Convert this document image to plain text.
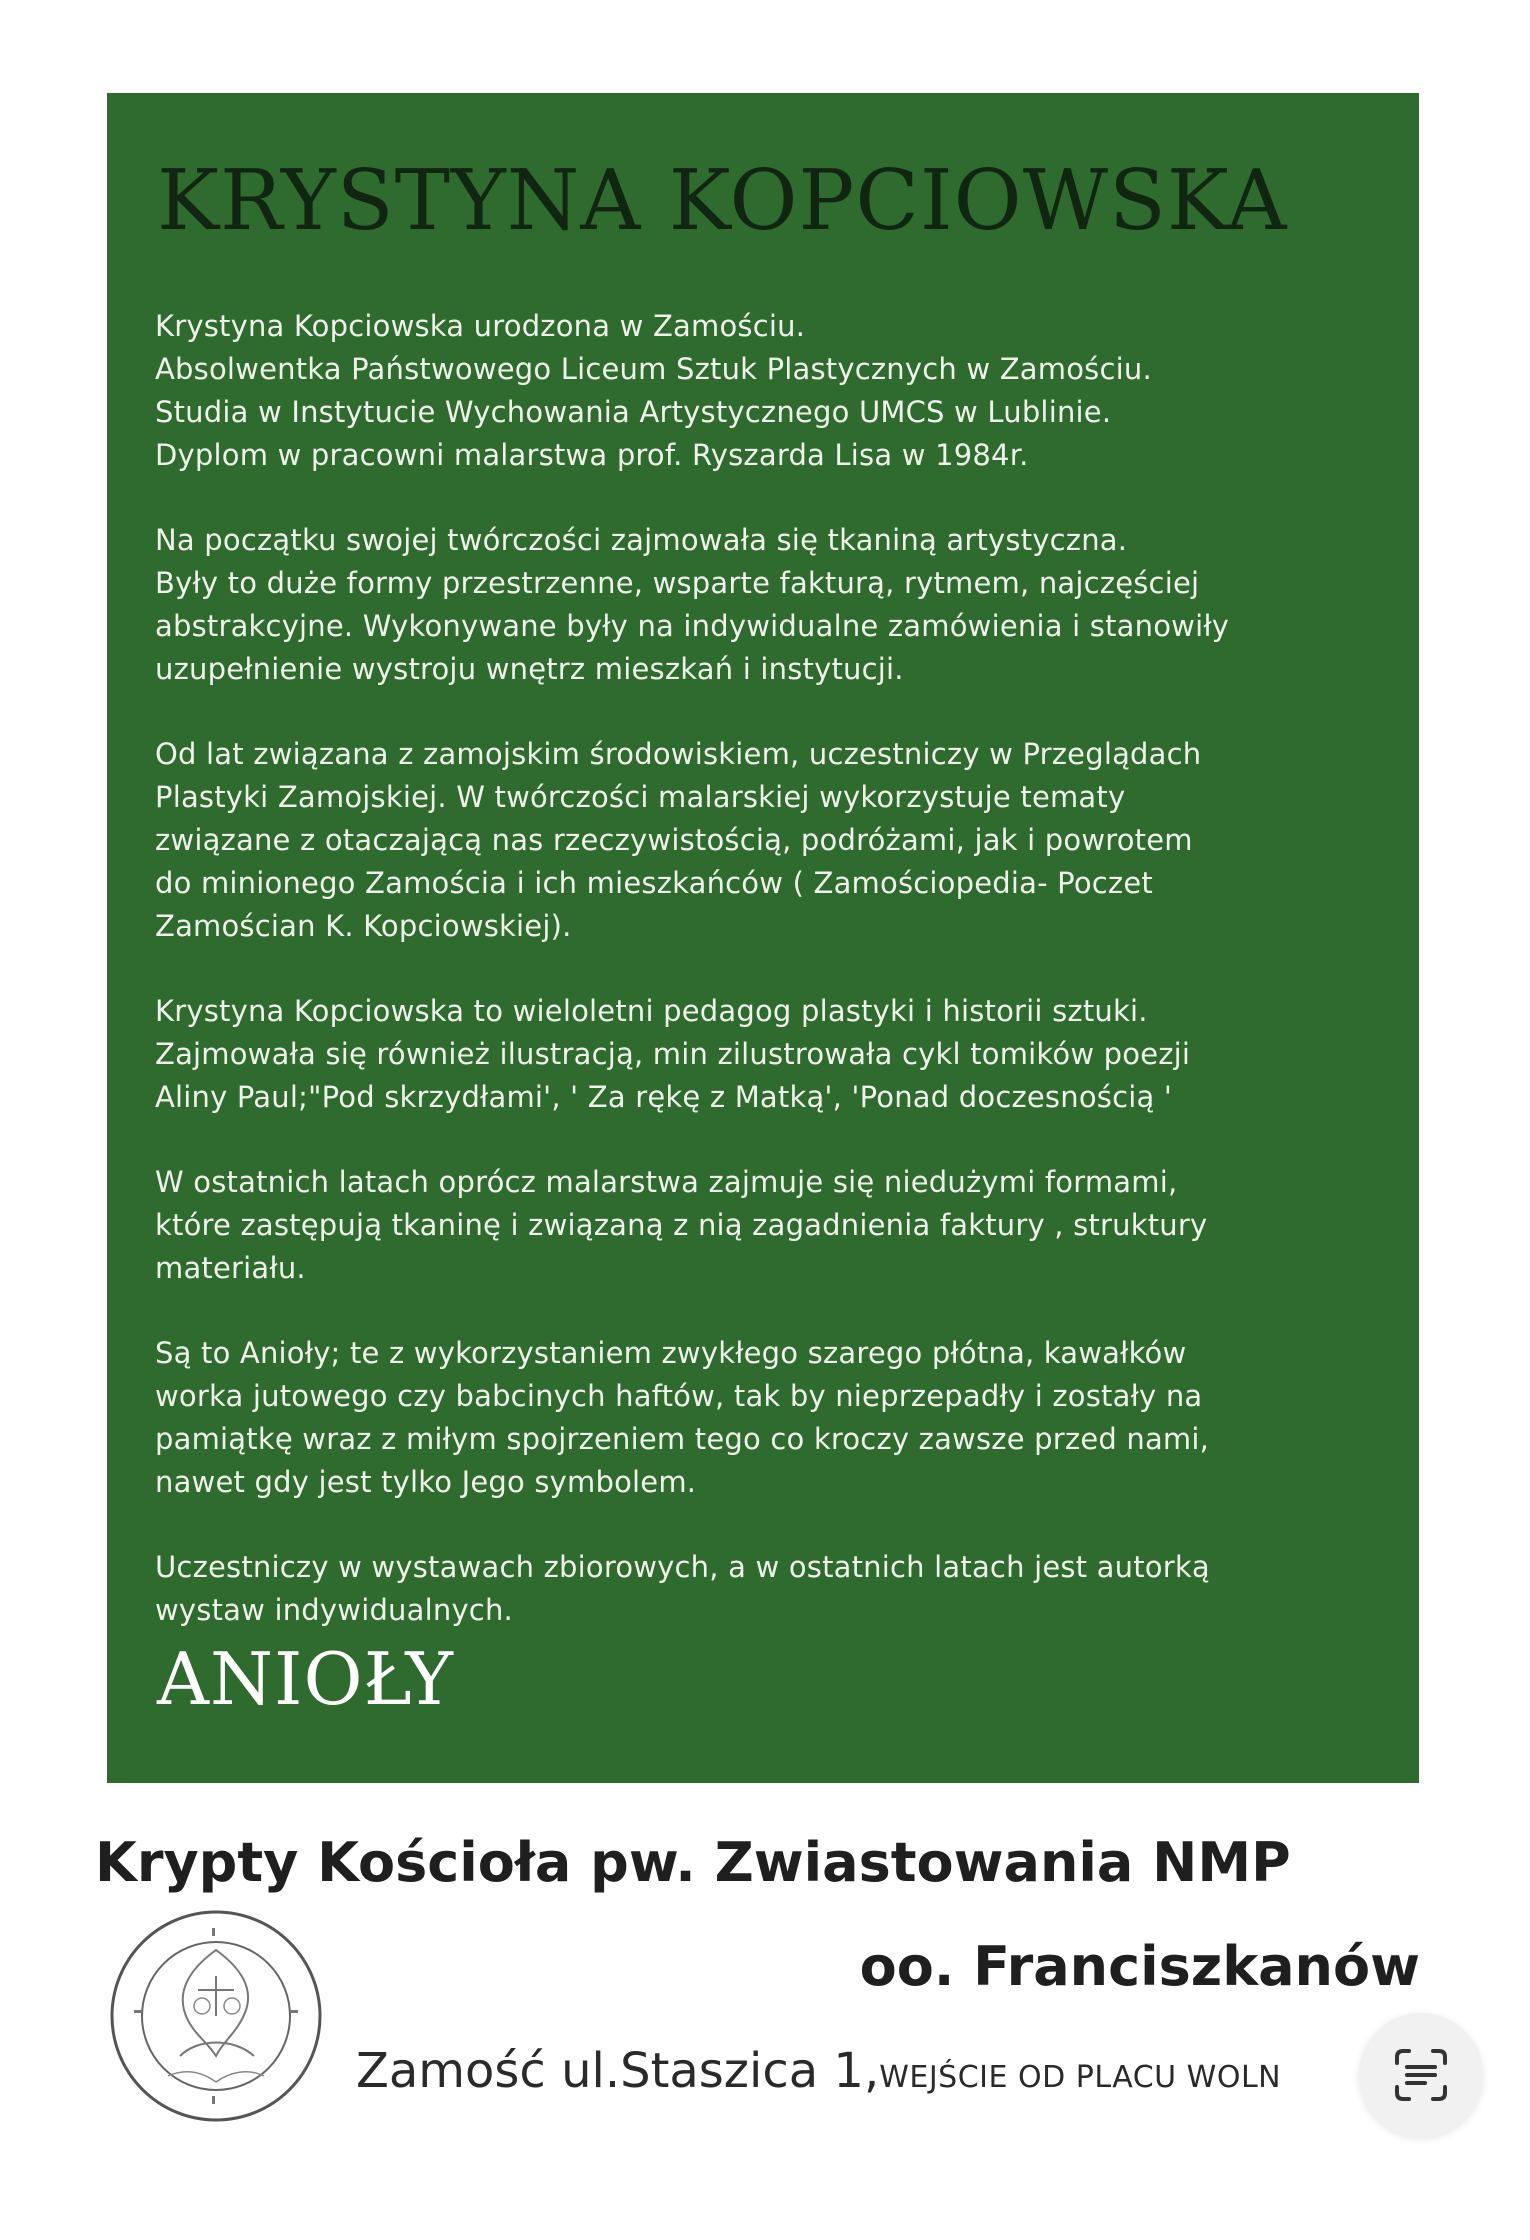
KRYSTYNA KOPCIOWSKA

Krystyna Kopciowska urodzona w Zamościu.
Absolwentka Państwowego Liceum Sztuk Plastycznych w Zamościu.
Studia w Instytucie Wychowania Artystycznego UMCS w Lublinie.
Dyplom w pracowni malarstwa prof. Ryszarda Lisa w 1984r.

Na początku swojej twórczości zajmowała się tkaniną artystyczna.
Były to duże formy przestrzenne, wsparte fakturą, rytmem, najczęściej
abstrakcyjne. Wykonywane były na indywidualne zamówienia i stanowiły
uzupełnienie wystroju wnętrz mieszkań i instytucji.

Od lat związana z zamojskim środowiskiem, uczestniczy w Przeglądach
Plastyki Zamojskiej. W twórczości malarskiej wykorzystuje tematy
związane z otaczającą nas rzeczywistością, podróżami, jak i powrotem
do minionego Zamościa i ich mieszkańców ( Zamościopedia- Poczet
Zamościan K. Kopciowskiej).

Krystyna Kopciowska to wieloletni pedagog plastyki i historii sztuki.
Zajmowała się również ilustracją, min zilustrowała cykl tomików poezji
Aliny Paul;"Pod skrzydłami', ' Za rękę z Matką', 'Ponad doczesnością '

W ostatnich latach oprócz malarstwa zajmuje się niedużymi formami,
które zastępują tkaninę i związaną z nią zagadnienia faktury , struktury
materiału.

Są to Anioły; te z wykorzystaniem zwykłego szarego płótna, kawałków
worka jutowego czy babcinych haftów, tak by nieprzepadły i zostały na
pamiątkę wraz z miłym spojrzeniem tego co kroczy zawsze przed nami,
nawet gdy jest tylko Jego symbolem.

Uczestniczy w wystawach zbiorowych, a w ostatnich latach jest autorką
wystaw indywidualnych.

ANIOŁY

Krypty Kościoła pw. Zwiastowania NMP

oo. Franciszkanów

Zamość ul.Staszica 1,WEJŚCIE OD PLACU WOLN
